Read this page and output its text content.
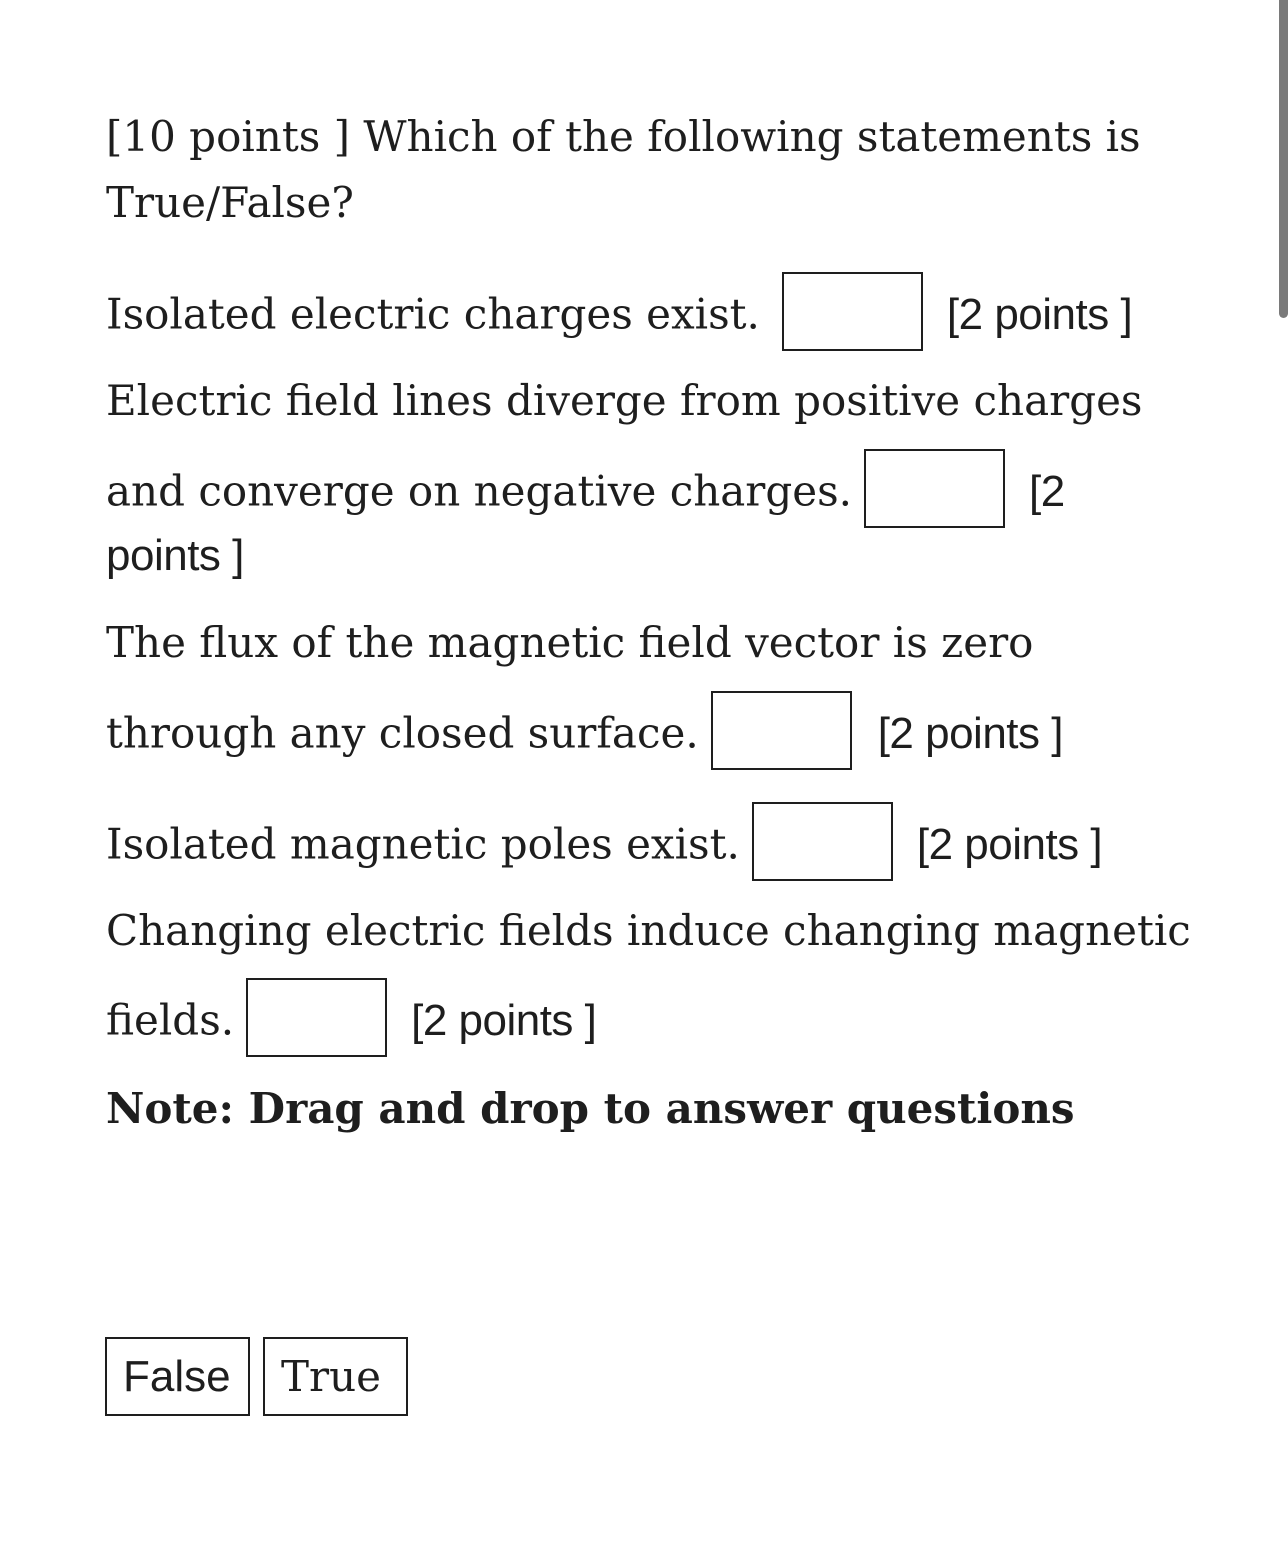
[10 points ] Which of the following statements is
True/False?
Isolated electric charges exist.	[2 points ]
Electric field lines diverge from positive charges
and converge on negative charges.	[2
points ]
The flux of the magnetic field vector is zero
through any closed surface.	[2 points ]
Isolated magnetic poles exist.	[2 points ]
Changing electric fields induce changing magnetic
fields.	[2 points ]
Note: Drag and drop to answer questions
False	True
